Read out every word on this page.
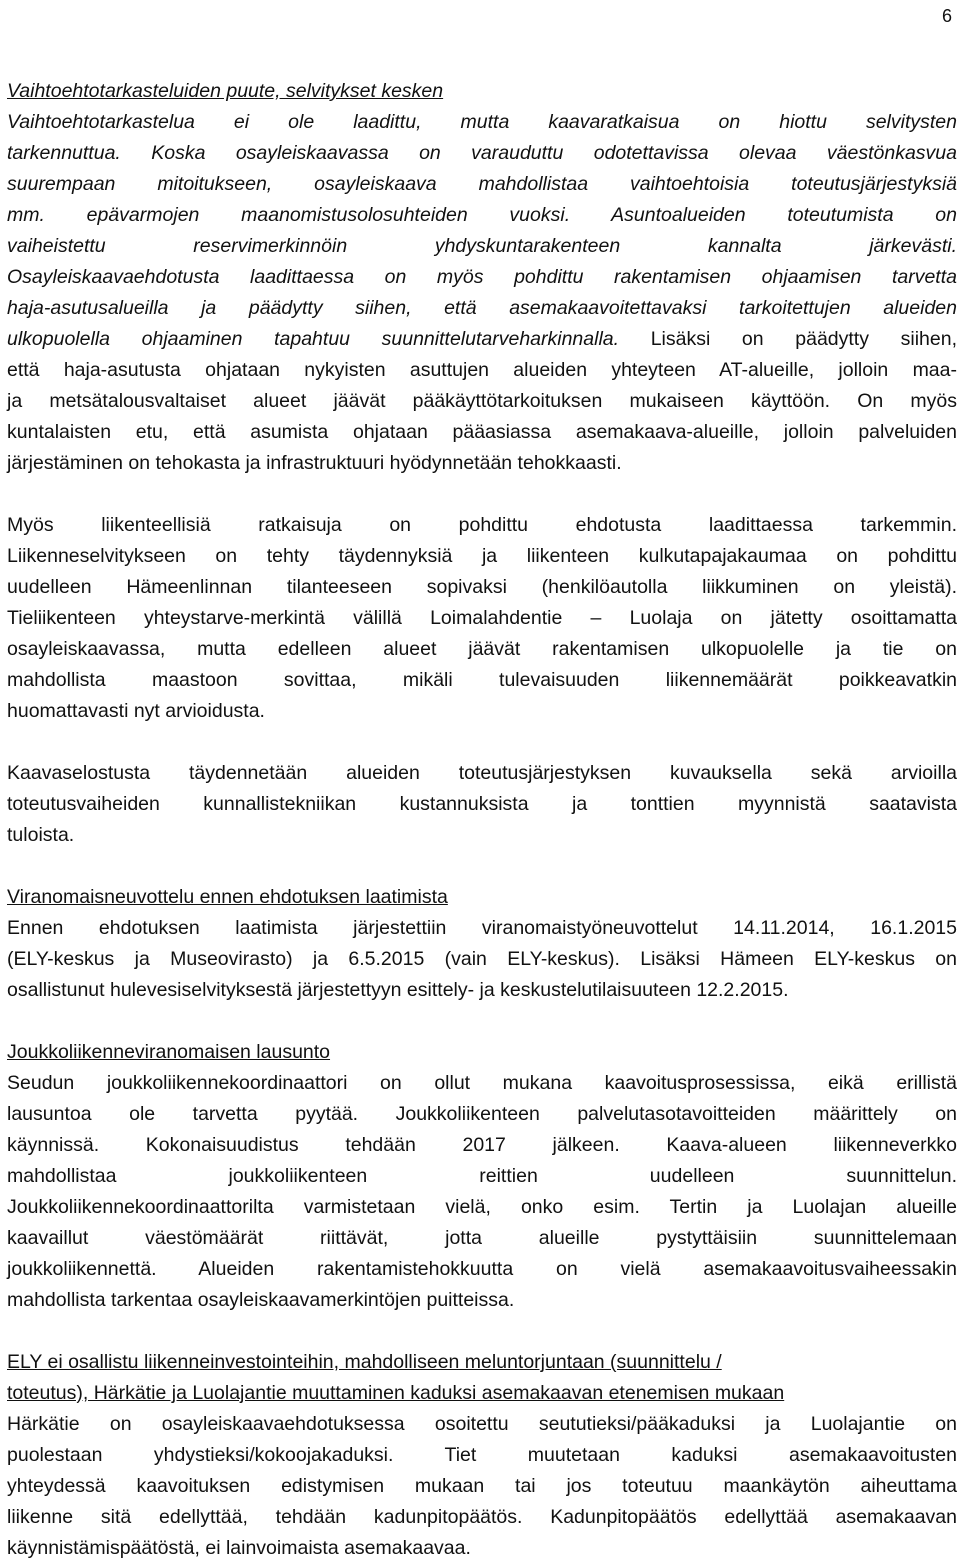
6
Vaihtoehtotarkasteluiden puute, selvitykset kesken
Vaihtoehtotarkastelua ei ole laadittu, mutta kaavaratkaisua on hiottu selvitysten
tarkennuttua. Koska osayleiskaavassa on varauduttu odotettavissa olevaa väestönkasvua
suurempaan mitoitukseen, osayleiskaava mahdollistaa vaihtoehtoisia toteutusjärjestyksiä
mm. epävarmojen maanomistusolosuhteiden vuoksi. Asuntoalueiden toteutumista on
vaiheistettu reservimerkinnöin yhdyskuntarakenteen kannalta järkevästi.
Osayleiskaavaehdotusta laadittaessa on myös pohdittu rakentamisen ohjaamisen tarvetta
haja-asutusalueilla ja päädytty siihen, että asemakaavoitettavaksi tarkoitettujen alueiden
ulkopuolella ohjaaminen tapahtuu suunnittelutarveharkinnalla. Lisäksi on päädytty siihen,
että haja-asutusta ohjataan nykyisten asuttujen alueiden yhteyteen AT-alueille, jolloin maa-
ja metsätalousvaltaiset alueet jäävät pääkäyttötarkoituksen mukaiseen käyttöön. On myös
kuntalaisten etu, että asumista ohjataan pääasiassa asemakaava-alueille, jolloin palveluiden
järjestäminen on tehokasta ja infrastruktuuri hyödynnetään tehokkaasti.
Myös liikenteellisiä ratkaisuja on pohdittu ehdotusta laadittaessa tarkemmin.
Liikenneselvitykseen on tehty täydennyksiä ja liikenteen kulkutapajakaumaa on pohdittu
uudelleen Hämeenlinnan tilanteeseen sopivaksi (henkilöautolla liikkuminen on yleistä).
Tieliikenteen yhteystarve-merkintä välillä Loimalahdentie – Luolaja on jätetty osoittamatta
osayleiskaavassa, mutta edelleen alueet jäävät rakentamisen ulkopuolelle ja tie on
mahdollista maastoon sovittaa, mikäli tulevaisuuden liikennemäärät poikkeavatkin
huomattavasti nyt arvioidusta.
Kaavaselostusta täydennetään alueiden toteutusjärjestyksen kuvauksella sekä arvioilla
toteutusvaiheiden kunnallistekniikan kustannuksista ja tonttien myynnistä saatavista
tuloista.
Viranomaisneuvottelu ennen ehdotuksen laatimista
Ennen ehdotuksen laatimista järjestettiin viranomaistyöneuvottelut 14.11.2014, 16.1.2015
(ELY-keskus ja Museovirasto) ja 6.5.2015 (vain ELY-keskus). Lisäksi Hämeen ELY-keskus on
osallistunut hulevesiselvityksestä järjestettyyn esittely- ja keskustelutilaisuuteen 12.2.2015.
Joukkoliikenneviranomaisen lausunto
Seudun joukkoliikennekoordinaattori on ollut mukana kaavoitusprosessissa, eikä erillistä
lausuntoa ole tarvetta pyytää. Joukkoliikenteen palvelutasotavoitteiden määrittely on
käynnissä. Kokonaisuudistus tehdään 2017 jälkeen. Kaava-alueen liikenneverkko
mahdollistaa joukkoliikenteen reittien uudelleen suunnittelun.
Joukkoliikennekoordinaattorilta varmistetaan vielä, onko esim. Tertin ja Luolajan alueille
kaavaillut väestömäärät riittävät, jotta alueille pystyttäisiin suunnittelemaan
joukkoliikennettä. Alueiden rakentamistehokkuutta on vielä asemakaavoitusvaiheessakin
mahdollista tarkentaa osayleiskaavamerkintöjen puitteissa.
ELY ei osallistu liikenneinvestointeihin, mahdolliseen meluntorjuntaan (suunnittelu /
toteutus), Härkätie ja Luolajantie muuttaminen kaduksi asemakaavan etenemisen mukaan
Härkätie on osayleiskaavaehdotuksessa osoitettu seututieksi/pääkaduksi ja Luolajantie on
puolestaan yhdystieksi/kokoojakaduksi. Tiet muutetaan kaduksi asemakaavoitusten
yhteydessä kaavoituksen edistymisen mukaan tai jos toteutuu maankäytön aiheuttama
liikenne sitä edellyttää, tehdään kadunpitopäätös. Kadunpitopäätös edellyttää asemakaavan
käynnistämispäätöstä, ei lainvoimaista asemakaavaa.
